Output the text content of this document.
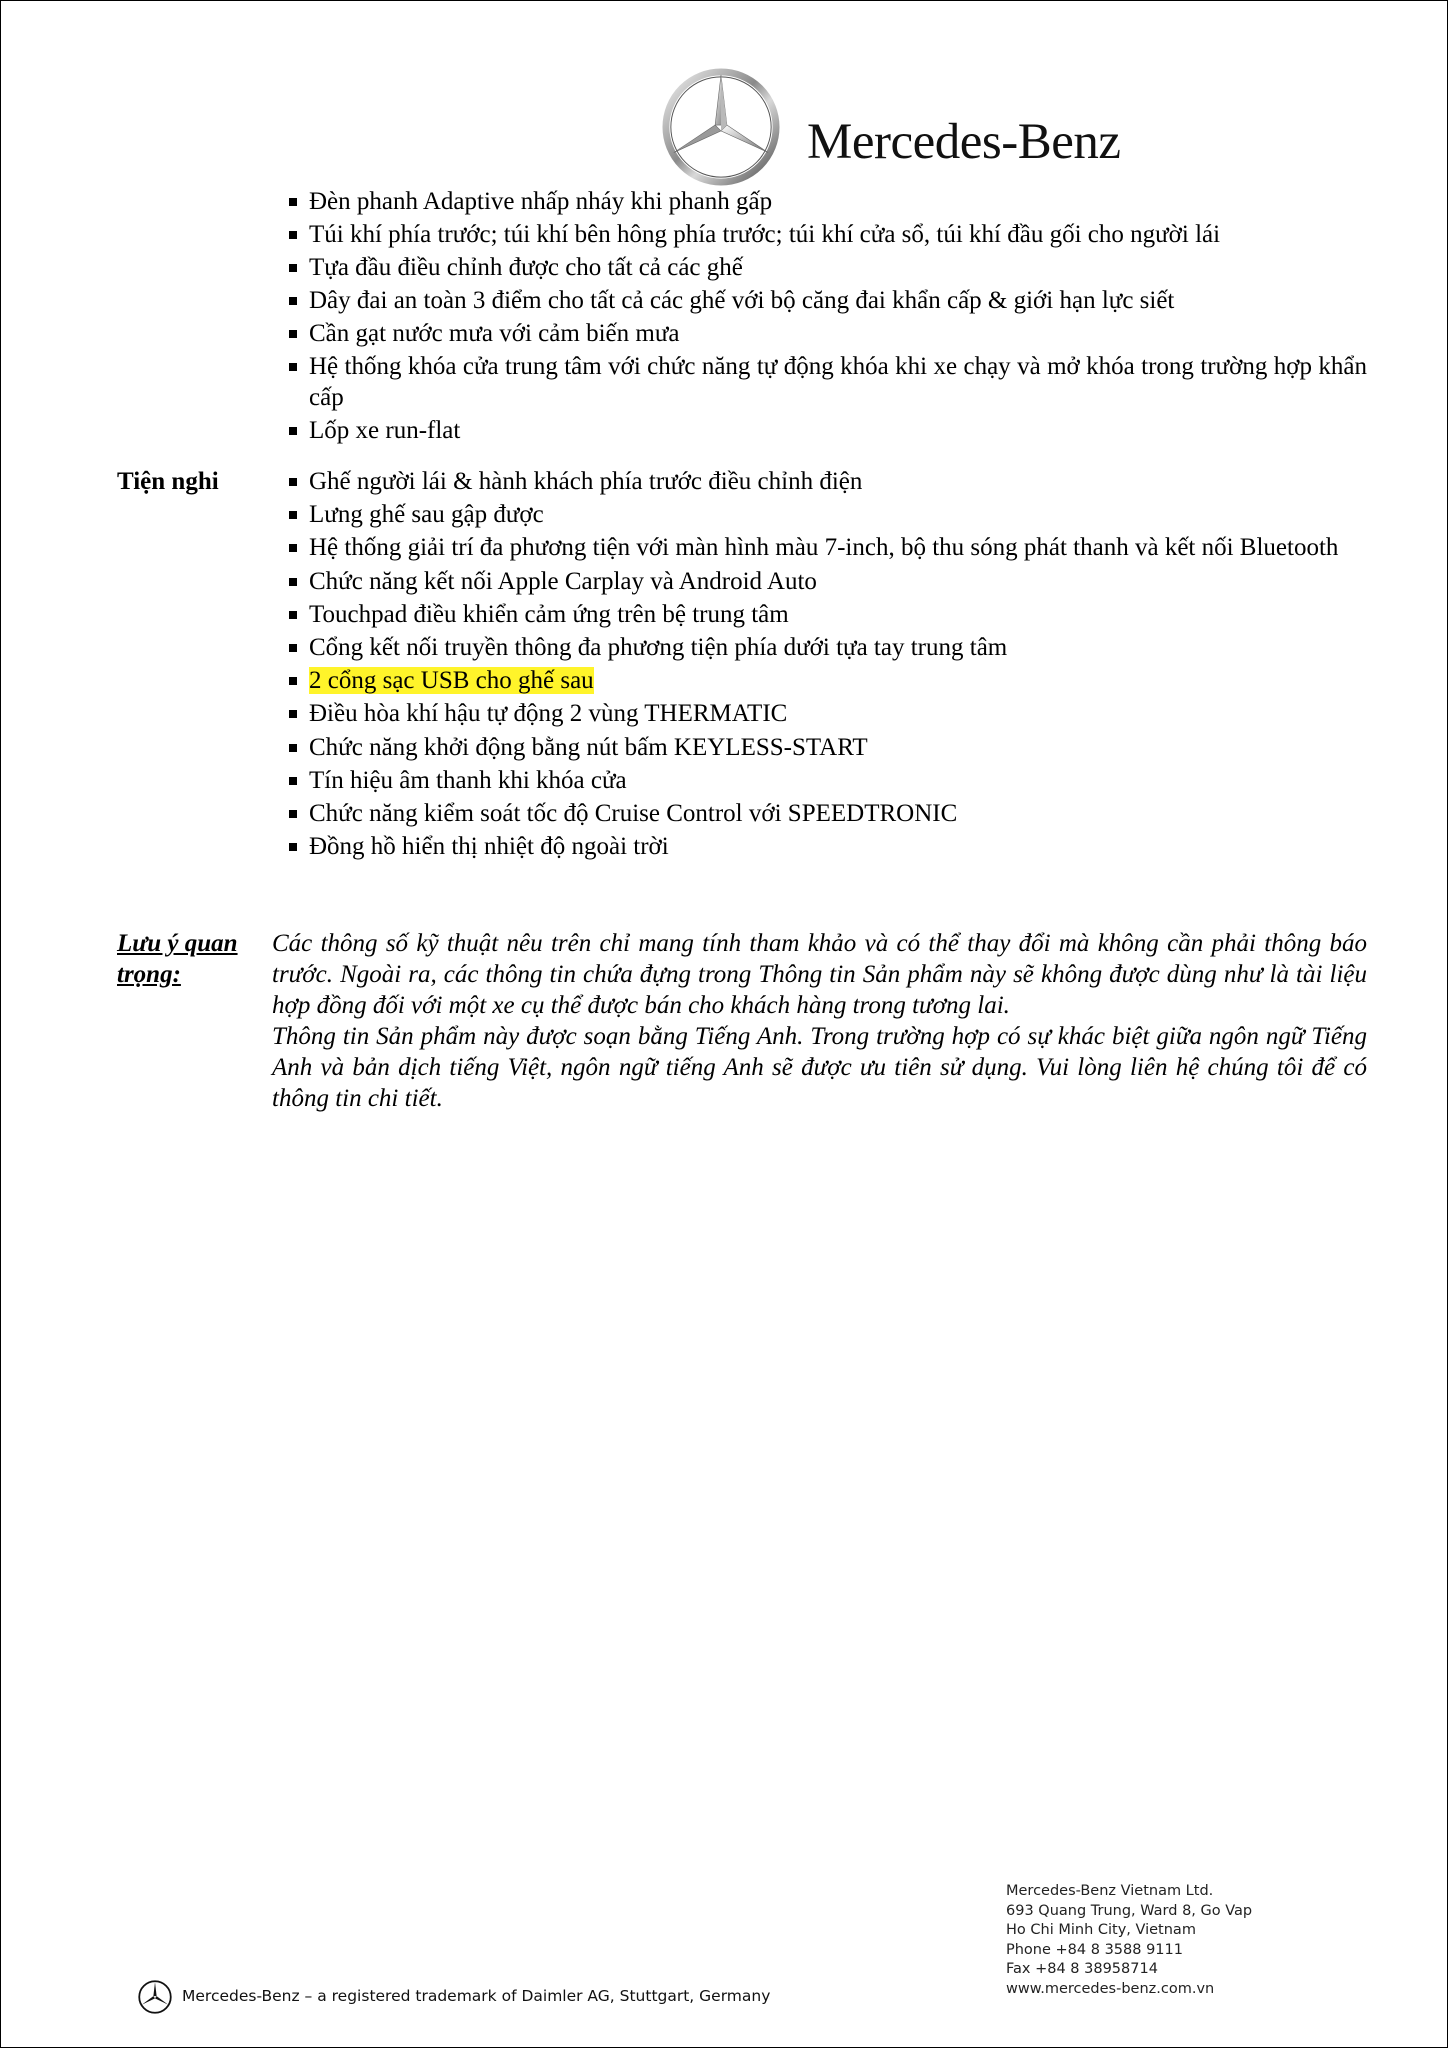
Mercedes-Benz
Đèn phanh Adaptive nhấp nháy khi phanh gấp
Túi khí phía trước; túi khí bên hông phía trước; túi khí cửa sổ, túi khí đầu gối cho người lái
Tựa đầu điều chỉnh được cho tất cả các ghế
Dây đai an toàn 3 điểm cho tất cả các ghế với bộ căng đai khẩn cấp & giới hạn lực siết
Cần gạt nước mưa với cảm biến mưa
Hệ thống khóa cửa trung tâm với chức năng tự động khóa khi xe chạy và mở khóa trong trường hợp khẩn cấp
Lốp xe run-flat
Tiện nghi	Ghế người lái & hành khách phía trước điều chỉnh điện
Lưng ghế sau gập được
Hệ thống giải trí đa phương tiện với màn hình màu 7-inch, bộ thu sóng phát thanh và kết nối Bluetooth
Chức năng kết nối Apple Carplay và Android Auto
Touchpad điều khiển cảm ứng trên bệ trung tâm
Cổng kết nối truyền thông đa phương tiện phía dưới tựa tay trung tâm
2 cổng sạc USB cho ghế sau
Điều hòa khí hậu tự động 2 vùng THERMATIC
Chức năng khởi động bằng nút bấm KEYLESS-START
Tín hiệu âm thanh khi khóa cửa
Chức năng kiểm soát tốc độ Cruise Control với SPEEDTRONIC
Đồng hồ hiển thị nhiệt độ ngoài trời
Lưu ý quan trọng:

Các thông số kỹ thuật nêu trên chỉ mang tính tham khảo và có thể thay đổi mà không cần phải thông báo trước. Ngoài ra, các thông tin chứa đựng trong Thông tin Sản phẩm này sẽ không được dùng như là tài liệu hợp đồng đối với một xe cụ thể được bán cho khách hàng trong tương lai.

Thông tin Sản phẩm này được soạn bằng Tiếng Anh. Trong trường hợp có sự khác biệt giữa ngôn ngữ Tiếng Anh và bản dịch tiếng Việt, ngôn ngữ tiếng Anh sẽ được ưu tiên sử dụng. Vui lòng liên hệ chúng tôi để có thông tin chi tiết.

Mercedes-Benz Vietnam Ltd.
693 Quang Trung, Ward 8, Go Vap
Ho Chi Minh City, Vietnam
Phone +84 8 3588 9111
Fax +84 8 38958714
www.mercedes-benz.com.vn
Mercedes-Benz – a registered trademark of Daimler AG, Stuttgart, Germany
